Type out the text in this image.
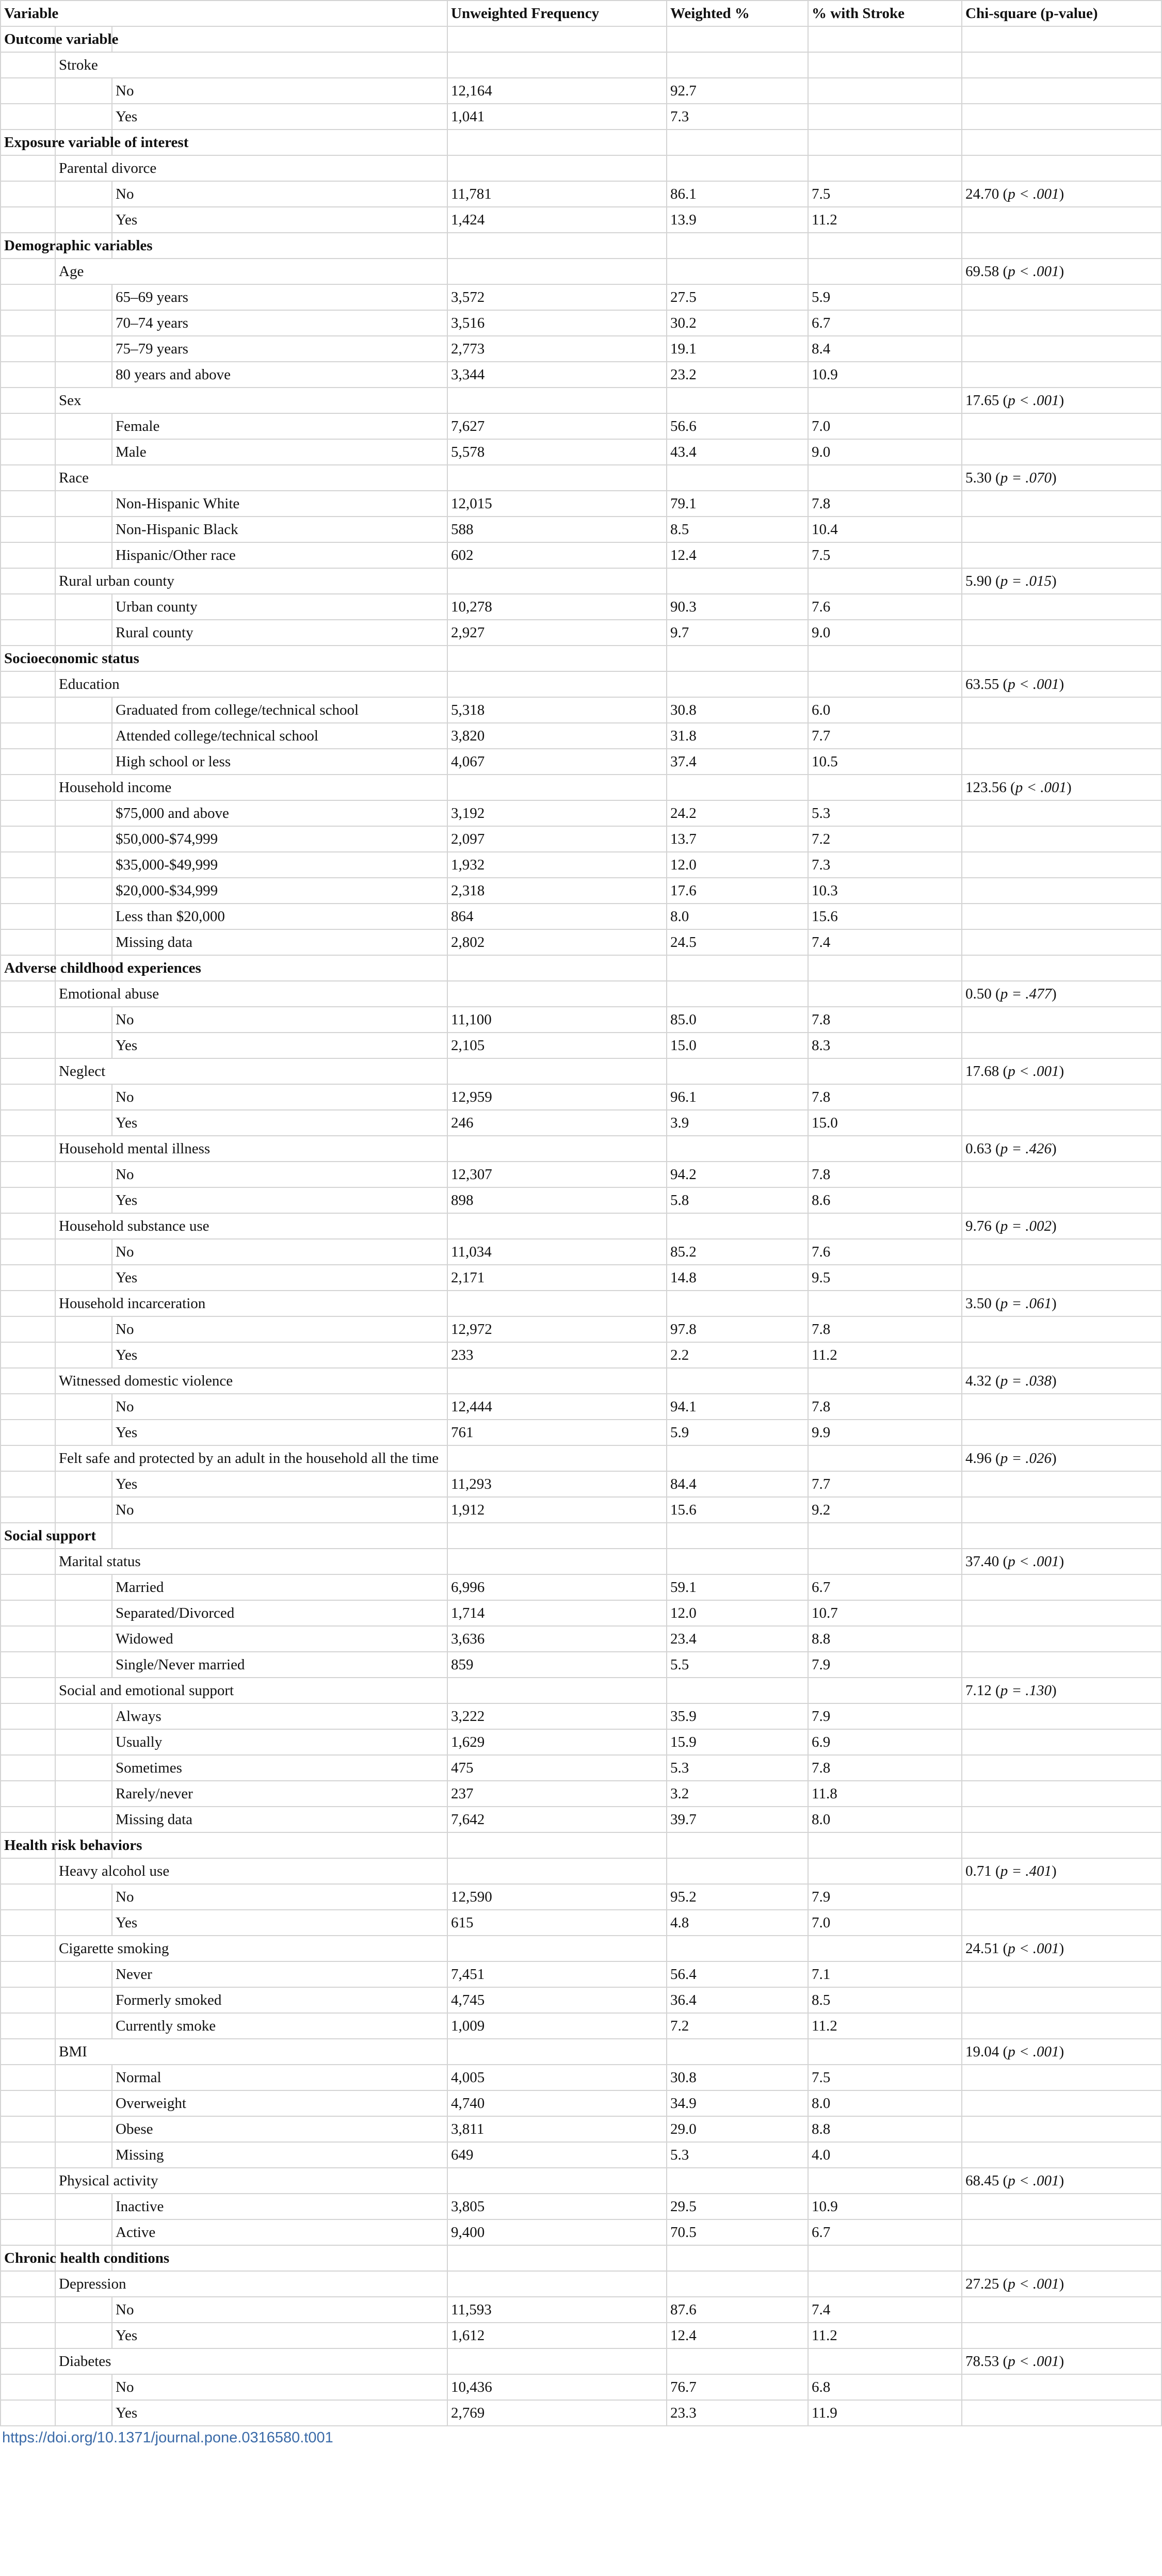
Variable			Unweighted Frequency	Weighted %	% with Stroke	Chi-square (p-value)
Outcome variable						
	Stroke					
		No	12,164	92.7		
		Yes	1,041	7.3		
Exposure variable of interest						
	Parental divorce					
		No	11,781	86.1	7.5	24.70 (p < .001)
		Yes	1,424	13.9	11.2	
Demographic variables						
	Age					69.58 (p < .001)
		65–69 years	3,572	27.5	5.9	
		70–74 years	3,516	30.2	6.7	
		75–79 years	2,773	19.1	8.4	
		80 years and above	3,344	23.2	10.9	
	Sex					17.65 (p < .001)
		Female	7,627	56.6	7.0	
		Male	5,578	43.4	9.0	
	Race					5.30 (p = .070)
		Non-Hispanic White	12,015	79.1	7.8	
		Non-Hispanic Black	588	8.5	10.4	
		Hispanic/Other race	602	12.4	7.5	
	Rural urban county					5.90 (p = .015)
		Urban county	10,278	90.3	7.6	
		Rural county	2,927	9.7	9.0	
Socioeconomic status						
	Education					63.55 (p < .001)
		Graduated from college/technical school	5,318	30.8	6.0	
		Attended college/technical school	3,820	31.8	7.7	
		High school or less	4,067	37.4	10.5	
	Household income					123.56 (p < .001)
		$75,000 and above	3,192	24.2	5.3	
		$50,000-$74,999	2,097	13.7	7.2	
		$35,000-$49,999	1,932	12.0	7.3	
		$20,000-$34,999	2,318	17.6	10.3	
		Less than $20,000	864	8.0	15.6	
		Missing data	2,802	24.5	7.4	
Adverse childhood experiences						
	Emotional abuse					0.50 (p = .477)
		No	11,100	85.0	7.8	
		Yes	2,105	15.0	8.3	
	Neglect					17.68 (p < .001)
		No	12,959	96.1	7.8	
		Yes	246	3.9	15.0	
	Household mental illness					0.63 (p = .426)
		No	12,307	94.2	7.8	
		Yes	898	5.8	8.6	
	Household substance use					9.76 (p = .002)
		No	11,034	85.2	7.6	
		Yes	2,171	14.8	9.5	
	Household incarceration					3.50 (p = .061)
		No	12,972	97.8	7.8	
		Yes	233	2.2	11.2	
	Witnessed domestic violence					4.32 (p = .038)
		No	12,444	94.1	7.8	
		Yes	761	5.9	9.9	
	Felt safe and protected by an adult in the household all the time					4.96 (p = .026)
		Yes	11,293	84.4	7.7	
		No	1,912	15.6	9.2	
Social support						
	Marital status					37.40 (p < .001)
		Married	6,996	59.1	6.7	
		Separated/Divorced	1,714	12.0	10.7	
		Widowed	3,636	23.4	8.8	
		Single/Never married	859	5.5	7.9	
	Social and emotional support					7.12 (p = .130)
		Always	3,222	35.9	7.9	
		Usually	1,629	15.9	6.9	
		Sometimes	475	5.3	7.8	
		Rarely/never	237	3.2	11.8	
		Missing data	7,642	39.7	8.0	
Health risk behaviors						
	Heavy alcohol use					0.71 (p = .401)
		No	12,590	95.2	7.9	
		Yes	615	4.8	7.0	
	Cigarette smoking					24.51 (p < .001)
		Never	7,451	56.4	7.1	
		Formerly smoked	4,745	36.4	8.5	
		Currently smoke	1,009	7.2	11.2	
	BMI					19.04 (p < .001)
		Normal	4,005	30.8	7.5	
		Overweight	4,740	34.9	8.0	
		Obese	3,811	29.0	8.8	
		Missing	649	5.3	4.0	
	Physical activity					68.45 (p < .001)
		Inactive	3,805	29.5	10.9	
		Active	9,400	70.5	6.7	
Chronic health conditions						
	Depression					27.25 (p < .001)
		No	11,593	87.6	7.4	
		Yes	1,612	12.4	11.2	
	Diabetes					78.53 (p < .001)
		No	10,436	76.7	6.8	
		Yes	2,769	23.3	11.9	
https://doi.org/10.1371/journal.pone.0316580.t001
